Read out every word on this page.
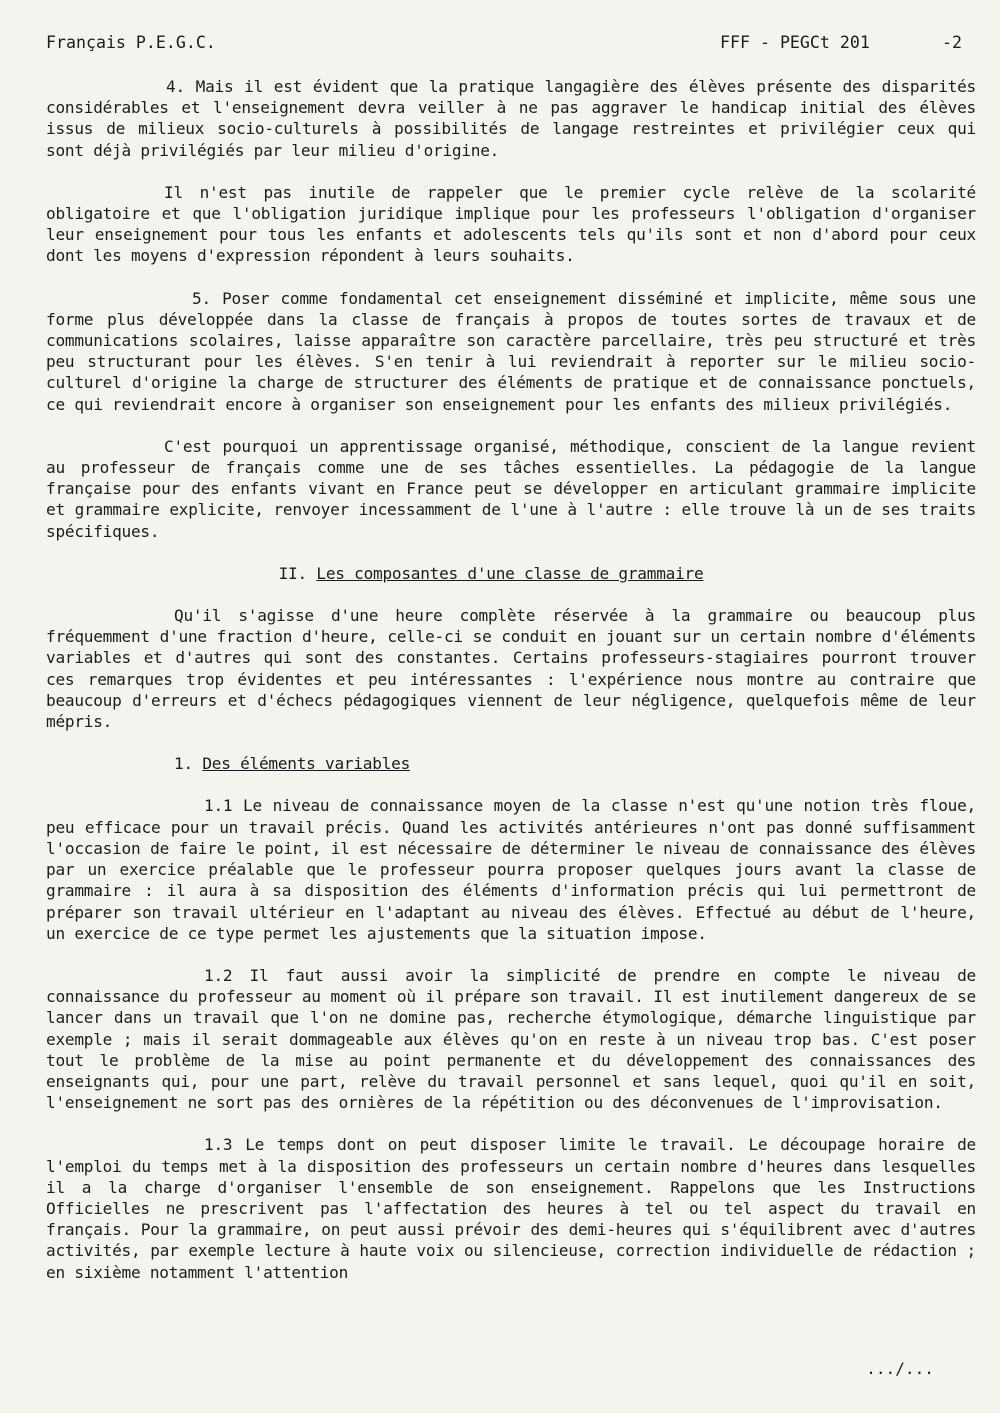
Français P.E.G.C.	FFF - PEGCt 201	-2

4. Mais il est évident que la pratique langagière des élèves présente des disparités considérables et l'enseignement devra veiller à ne pas aggraver le handicap initial des élèves issus de milieux socio-culturels à possibilités de langage restreintes et privilégier ceux qui sont déjà privilégiés par leur milieu d'origine.

Il n'est pas inutile de rappeler que le premier cycle relève de la scolarité obligatoire et que l'obligation juridique implique pour les professeurs l'obligation d'organiser leur enseignement pour tous les enfants et adolescents tels qu'ils sont et non d'abord pour ceux dont les moyens d'expression répondent à leurs souhaits.

5. Poser comme fondamental cet enseignement disséminé et implicite, même sous une forme plus développée dans la classe de français à propos de toutes sortes de travaux et de communications scolaires, laisse apparaître son caractère parcellaire, très peu structuré et très peu structurant pour les élèves. S'en tenir à lui reviendrait à reporter sur le milieu socio-culturel d'origine la charge de structurer des éléments de pratique et de connaissance ponctuels, ce qui reviendrait encore à organiser son enseignement pour les enfants des milieux privilégiés.

C'est pourquoi un apprentissage organisé, méthodique, conscient de la langue revient au professeur de français comme une de ses tâches essentielles. La pédagogie de la langue française pour des enfants vivant en France peut se développer en articulant grammaire implicite et grammaire explicite, renvoyer incessamment de l'une à l'autre : elle trouve là un de ses traits spécifiques.

II. Les composantes d'une classe de grammaire

Qu'il s'agisse d'une heure complète réservée à la grammaire ou beaucoup plus fréquemment d'une fraction d'heure, celle-ci se conduit en jouant sur un certain nombre d'éléments variables et d'autres qui sont des constantes. Certains professeurs-stagiaires pourront trouver ces remarques trop évidentes et peu intéressantes : l'expérience nous montre au contraire que beaucoup d'erreurs et d'échecs pédagogiques viennent de leur négligence, quelquefois même de leur mépris.

1. Des éléments variables

1.1 Le niveau de connaissance moyen de la classe n'est qu'une notion très floue, peu efficace pour un travail précis. Quand les activités antérieures n'ont pas donné suffisamment l'occasion de faire le point, il est nécessaire de déterminer le niveau de connaissance des élèves par un exercice préalable que le professeur pourra proposer quelques jours avant la classe de grammaire : il aura à sa disposition des éléments d'information précis qui lui permettront de préparer son travail ultérieur en l'adaptant au niveau des élèves. Effectué au début de l'heure, un exercice de ce type permet les ajustements que la situation impose.

1.2 Il faut aussi avoir la simplicité de prendre en compte le niveau de connaissance du professeur au moment où il prépare son travail. Il est inutilement dangereux de se lancer dans un travail que l'on ne domine pas, recherche étymologique, démarche linguistique par exemple ; mais il serait dommageable aux élèves qu'on en reste à un niveau trop bas. C'est poser tout le problème de la mise au point permanente et du développement des connaissances des enseignants qui, pour une part, relève du travail personnel et sans lequel, quoi qu'il en soit, l'enseignement ne sort pas des ornières de la répétition ou des déconvenues de l'improvisation.

1.3 Le temps dont on peut disposer limite le travail. Le découpage horaire de l'emploi du temps met à la disposition des professeurs un certain nombre d'heures dans lesquelles il a la charge d'organiser l'ensemble de son enseignement. Rappelons que les Instructions Officielles ne prescrivent pas l'affectation des heures à tel ou tel aspect du travail en français. Pour la grammaire, on peut aussi prévoir des demi-heures qui s'équilibrent avec d'autres activités, par exemple lecture à haute voix ou silencieuse, correction individuelle de rédaction ; en sixième notamment l'attention

.../...
